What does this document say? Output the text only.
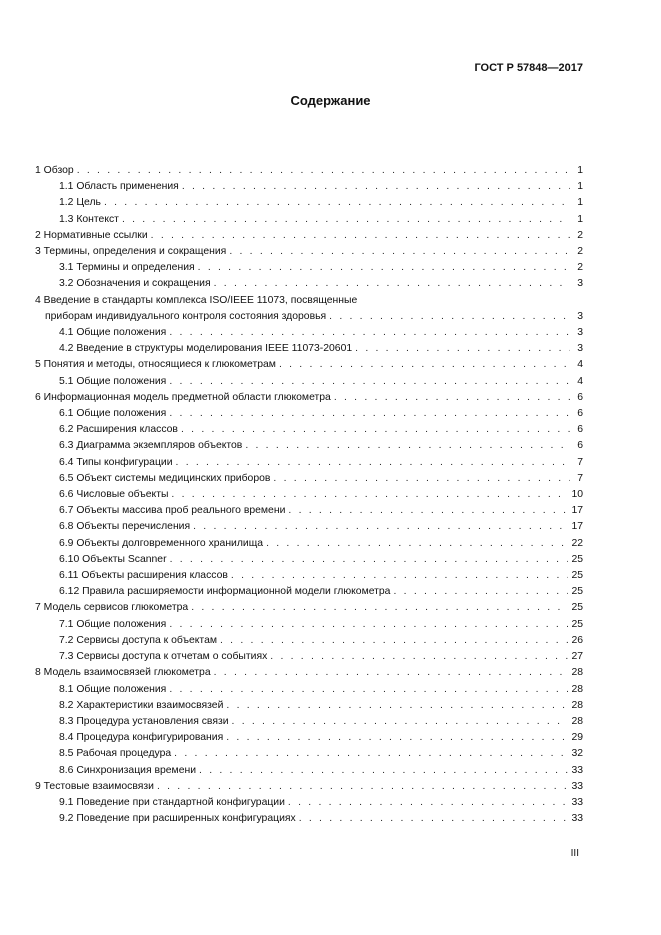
ГОСТ Р 57848—2017
Содержание
1 Обзор . . .	1
1.1 Область применения . . .	1
1.2 Цель . . .	1
1.3 Контекст . . .	1
2 Нормативные ссылки . . .	2
3 Термины, определения и сокращения . . .	2
3.1 Термины и определения . . .	2
3.2 Обозначения и сокращения . . .	3
4 Введение в стандарты комплекса ISO/IEEE 11073, посвященные
приборам индивидуального контроля состояния здоровья . . .	3
4.1 Общие положения . . .	3
4.2 Введение в структуры моделирования IEEE 11073-20601 . . .	3
5 Понятия и методы, относящиеся к глюкометрам . . .	4
5.1 Общие положения . . .	4
6 Информационная модель предметной области глюкометра . . .	6
6.1 Общие положения . . .	6
6.2 Расширения классов . . .	6
6.3 Диаграмма экземпляров объектов . . .	6
6.4 Типы конфигурации . . .	7
6.5 Объект системы медицинских приборов . . .	7
6.6 Числовые объекты . . .	10
6.7 Объекты массива проб реального времени . . .	17
6.8 Объекты перечисления . . .	17
6.9 Объекты долговременного хранилища . . .	22
6.10 Объекты Scanner . . .	25
6.11 Объекты расширения классов . . .	25
6.12 Правила расширяемости информационной модели глюкометра . . .	25
7 Модель сервисов глюкометра . . .	25
7.1 Общие положения . . .	25
7.2 Сервисы доступа к объектам . . .	26
7.3 Сервисы доступа к отчетам о событиях . . .	27
8 Модель взаимосвязей глюкометра . . .	28
8.1 Общие положения . . .	28
8.2 Характеристики взаимосвязей . . .	28
8.3 Процедура установления связи . . .	28
8.4 Процедура конфигурирования . . .	29
8.5 Рабочая процедура . . .	32
8.6 Синхронизация времени . . .	33
9 Тестовые взаимосвязи . . .	33
9.1 Поведение при стандартной конфигурации . . .	33
9.2 Поведение при расширенных конфигурациях . . .	33
III
